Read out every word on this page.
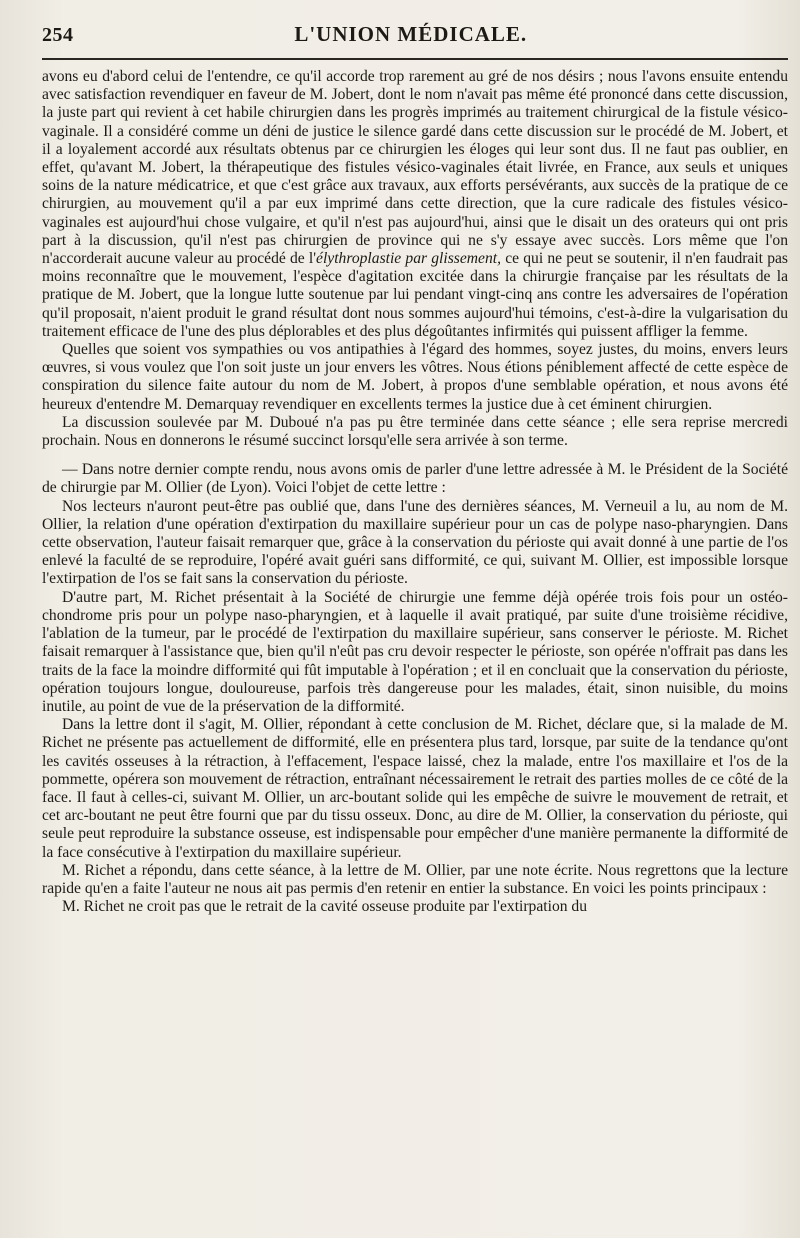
254	L'UNION MÉDICALE.

avons eu d'abord celui de l'entendre, ce qu'il accorde trop rarement au gré de nos désirs ; nous l'avons ensuite entendu avec satisfaction revendiquer en faveur de M. Jobert, dont le nom n'avait pas même été prononcé dans cette discussion, la juste part qui revient à cet habile chirurgien dans les progrès imprimés au traitement chirurgical de la fistule vésico-vaginale. Il a considéré comme un déni de justice le silence gardé dans cette discussion sur le procédé de M. Jobert, et il a loyalement accordé aux résultats obtenus par ce chirurgien les éloges qui leur sont dus. Il ne faut pas oublier, en effet, qu'avant M. Jobert, la thérapeutique des fistules vésico-vaginales était livrée, en France, aux seuls et uniques soins de la nature médicatrice, et que c'est grâce aux travaux, aux efforts persévérants, aux succès de la pratique de ce chirurgien, au mouvement qu'il a par eux imprimé dans cette direction, que la cure radicale des fistules vésico-vaginales est aujourd'hui chose vulgaire, et qu'il n'est pas aujourd'hui, ainsi que le disait un des orateurs qui ont pris part à la discussion, qu'il n'est pas chirurgien de province qui ne s'y essaye avec succès. Lors même que l'on n'accorderait aucune valeur au procédé de l'élythroplastie par glissement, ce qui ne peut se soutenir, il n'en faudrait pas moins reconnaître que le mouvement, l'espèce d'agitation excitée dans la chirurgie française par les résultats de la pratique de M. Jobert, que la longue lutte soutenue par lui pendant vingt-cinq ans contre les adversaires de l'opération qu'il proposait, n'aient produit le grand résultat dont nous sommes aujourd'hui témoins, c'est-à-dire la vulgarisation du traitement efficace de l'une des plus déplorables et des plus dégoûtantes infirmités qui puissent affliger la femme.

Quelles que soient vos sympathies ou vos antipathies à l'égard des hommes, soyez justes, du moins, envers leurs œuvres, si vous voulez que l'on soit juste un jour envers les vôtres. Nous étions péniblement affecté de cette espèce de conspiration du silence faite autour du nom de M. Jobert, à propos d'une semblable opération, et nous avons été heureux d'entendre M. Demarquay revendiquer en excellents termes la justice due à cet éminent chirurgien.

La discussion soulevée par M. Duboué n'a pas pu être terminée dans cette séance ; elle sera reprise mercredi prochain. Nous en donnerons le résumé succinct lorsqu'elle sera arrivée à son terme.

— Dans notre dernier compte rendu, nous avons omis de parler d'une lettre adressée à M. le Président de la Société de chirurgie par M. Ollier (de Lyon). Voici l'objet de cette lettre :

Nos lecteurs n'auront peut-être pas oublié que, dans l'une des dernières séances, M. Verneuil a lu, au nom de M. Ollier, la relation d'une opération d'extirpation du maxillaire supérieur pour un cas de polype naso-pharyngien. Dans cette observation, l'auteur faisait remarquer que, grâce à la conservation du périoste qui avait donné à une partie de l'os enlevé la faculté de se reproduire, l'opéré avait guéri sans difformité, ce qui, suivant M. Ollier, est impossible lorsque l'extirpation de l'os se fait sans la conservation du périoste.

D'autre part, M. Richet présentait à la Société de chirurgie une femme déjà opérée trois fois pour un ostéo-chondrome pris pour un polype naso-pharyngien, et à laquelle il avait pratiqué, par suite d'une troisième récidive, l'ablation de la tumeur, par le procédé de l'extirpation du maxillaire supérieur, sans conserver le périoste. M. Richet faisait remarquer à l'assistance que, bien qu'il n'eût pas cru devoir respecter le périoste, son opérée n'offrait pas dans les traits de la face la moindre difformité qui fût imputable à l'opération ; et il en concluait que la conservation du périoste, opération toujours longue, douloureuse, parfois très dangereuse pour les malades, était, sinon nuisible, du moins inutile, au point de vue de la préservation de la difformité.

Dans la lettre dont il s'agit, M. Ollier, répondant à cette conclusion de M. Richet, déclare que, si la malade de M. Richet ne présente pas actuellement de difformité, elle en présentera plus tard, lorsque, par suite de la tendance qu'ont les cavités osseuses à la rétraction, à l'effacement, l'espace laissé, chez la malade, entre l'os maxillaire et l'os de la pommette, opérera son mouvement de rétraction, entraînant nécessairement le retrait des parties molles de ce côté de la face. Il faut à celles-ci, suivant M. Ollier, un arc-boutant solide qui les empêche de suivre le mouvement de retrait, et cet arc-boutant ne peut être fourni que par du tissu osseux. Donc, au dire de M. Ollier, la conservation du périoste, qui seule peut reproduire la substance osseuse, est indispensable pour empêcher d'une manière permanente la difformité de la face consécutive à l'extirpation du maxillaire supérieur.

M. Richet a répondu, dans cette séance, à la lettre de M. Ollier, par une note écrite. Nous regrettons que la lecture rapide qu'en a faite l'auteur ne nous ait pas permis d'en retenir en entier la substance. En voici les points principaux :

M. Richet ne croit pas que le retrait de la cavité osseuse produite par l'extirpation du
